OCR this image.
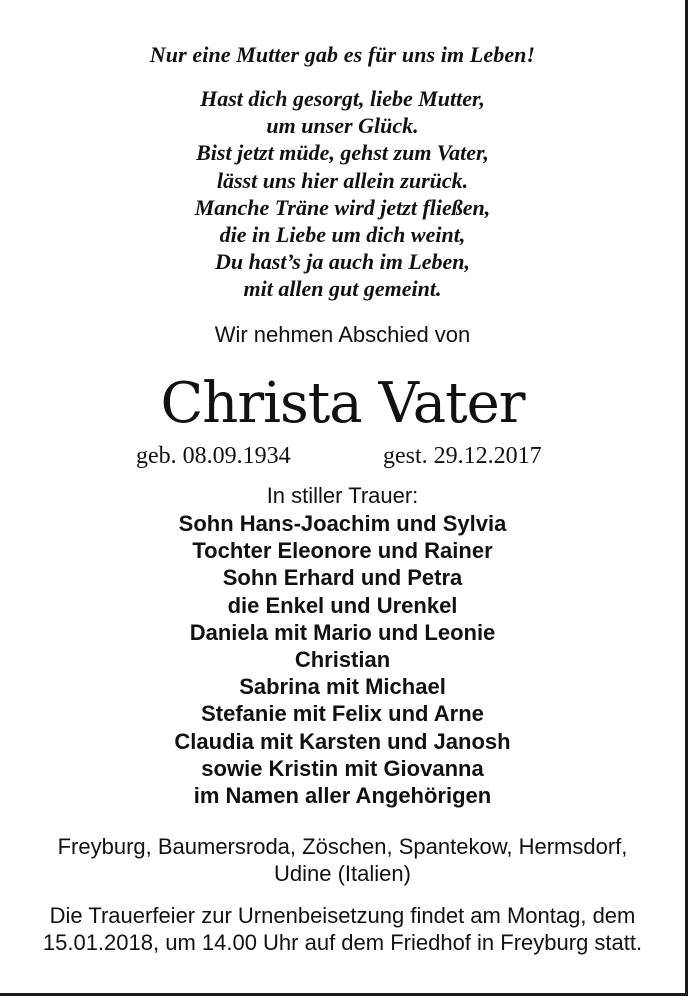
Nur eine Mutter gab es für uns im Leben!
Hast dich gesorgt, liebe Mutter,
um unser Glück.
Bist jetzt müde, gehst zum Vater,
lässt uns hier allein zurück.
Manche Träne wird jetzt fließen,
die in Liebe um dich weint,
Du hast’s ja auch im Leben,
mit allen gut gemeint.
Wir nehmen Abschied von
Christa Vater
geb. 08.09.1934	gest. 29.12.2017
In stiller Trauer:
Sohn Hans-Joachim und Sylvia
Tochter Eleonore und Rainer
Sohn Erhard und Petra
die Enkel und Urenkel
Daniela mit Mario und Leonie
Christian
Sabrina mit Michael
Stefanie mit Felix und Arne
Claudia mit Karsten und Janosh
sowie Kristin mit Giovanna
im Namen aller Angehörigen
Freyburg, Baumersroda, Zöschen, Spantekow, Hermsdorf,
Udine (Italien)
Die Trauerfeier zur Urnenbeisetzung findet am Montag, dem
15.01.2018, um 14.00 Uhr auf dem Friedhof in Freyburg statt.
